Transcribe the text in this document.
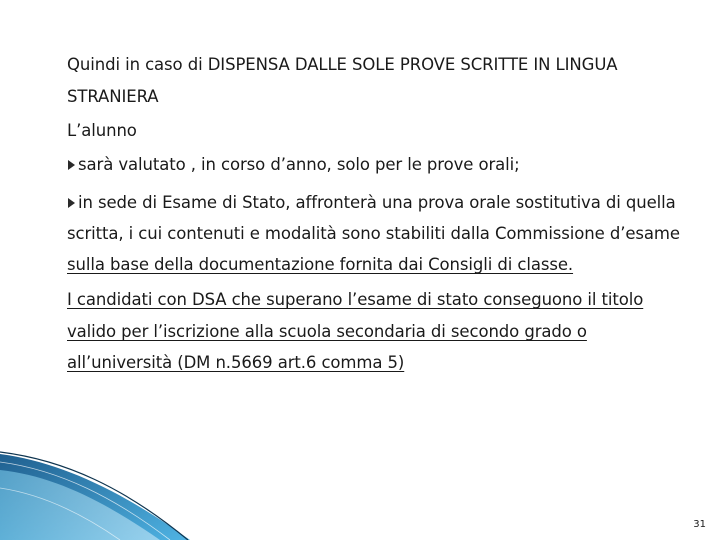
Quindi in caso di DISPENSA DALLE SOLE PROVE SCRITTE IN LINGUA
STRANIERA
L’alunno
sarà valutato , in corso d’anno, solo per le prove orali;
in sede di Esame di Stato, affronterà una prova orale sostitutiva di quella
scritta, i cui contenuti e modalità sono stabiliti dalla Commissione d’esame
sulla base della documentazione fornita dai Consigli di classe.
I candidati con DSA che superano l’esame di stato conseguono il titolo
valido per l’iscrizione alla scuola secondaria di secondo grado o
all’università (DM n.5669 art.6 comma 5)
31
